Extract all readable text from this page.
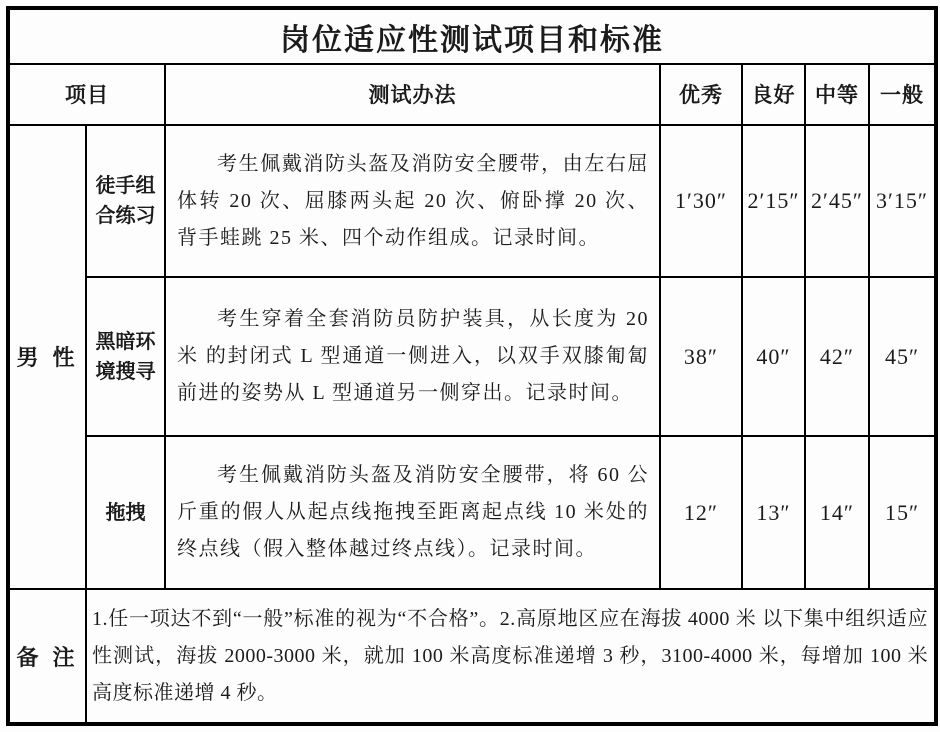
岗位适应性测试项目和标准						
项目		测试办法	优秀	良好	中等	一般
男 性	徒手组合练习	考生佩戴消防头盔及消防安全腰带，由左右屈 体转 20 次、屈膝两头起 20 次、俯卧撑 20 次、背手蛙跳 25 米、四个动作组成。记录时间。	1′30″	2′15″	2′45″	3′15″
	黑暗环境搜寻	考生穿着全套消防员防护装具，从长度为 20 米 的封闭式 L 型通道一侧进入，以双手双膝匍匐前进的姿势从 L 型通道另一侧穿出。记录时间。	38″	40″	42″	45″
	拖拽	考生佩戴消防头盔及消防安全腰带，将 60 公斤重的假人从起点线拖拽至距离起点线 10 米处的终点线（假入整体越过终点线）。记录时间。	12″	13″	14″	15″
备 注	1.任一项达不到“一般”标准的视为“不合格”。2.高原地区应在海拔 4000 米 以下集中组织适应性测试，海拔 2000-3000 米，就加 100 米高度标准递增 3 秒，3100-4000 米，每增加 100 米高度标准递增 4 秒。					
